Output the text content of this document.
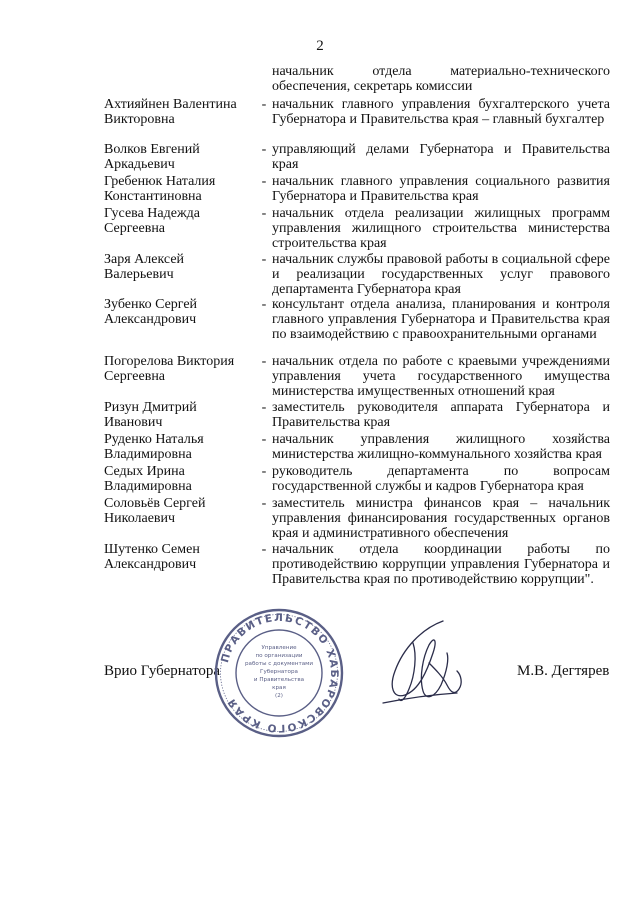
2
начальник отдела материально-технического обеспечения, секретарь комиссии
Ахтияйнен Валентина Викторовна
- начальник главного управления бухгалтерского учета Губернатора и Правительства края – главный бухгалтер
Волков Евгений Аркадьевич
- управляющий делами Губернатора и Правительства края
Гребенюк Наталия Константиновна
- начальник главного управления социального развития Губернатора и Правительства края
Гусева Надежда Сергеевна
- начальник отдела реализации жилищных программ управления жилищного строительства министерства строительства края
Заря Алексей Валерьевич
- начальник службы правовой работы в социальной сфере и реализации государственных услуг правового департамента Губернатора края
Зубенко Сергей Александрович
- консультант отдела анализа, планирования и контроля главного управления Губернатора и Правительства края по взаимодействию с правоохранительными органами
Погорелова Виктория Сергеевна
- начальник отдела по работе с краевыми учреждениями управления учета государственного имущества министерства имущественных отношений края
Ризун Дмитрий Иванович
- заместитель руководителя аппарата Губернатора и Правительства края
Руденко Наталья Владимировна
- начальник управления жилищного хозяйства министерства жилищно-коммунального хозяйства края
Седых Ирина Владимировна
- руководитель департамента по вопросам государственной службы и кадров Губернатора края
Соловьёв Сергей Николаевич
- заместитель министра финансов края – начальник управления финансирования государственных органов края и административного обеспечения
Шутенко Семен Александрович
- начальник отдела координации работы по противодействию коррупции управления Губернатора и Правительства края по противодействию коррупции".
Врио Губернатора
ПРАВИТЕЛЬСТВО ХАБАРОВСКОГО КРАЯ
Управление
по организации
работы с документами
Губернатора
и Правительства
края
(2)
М.В. Дегтярев
